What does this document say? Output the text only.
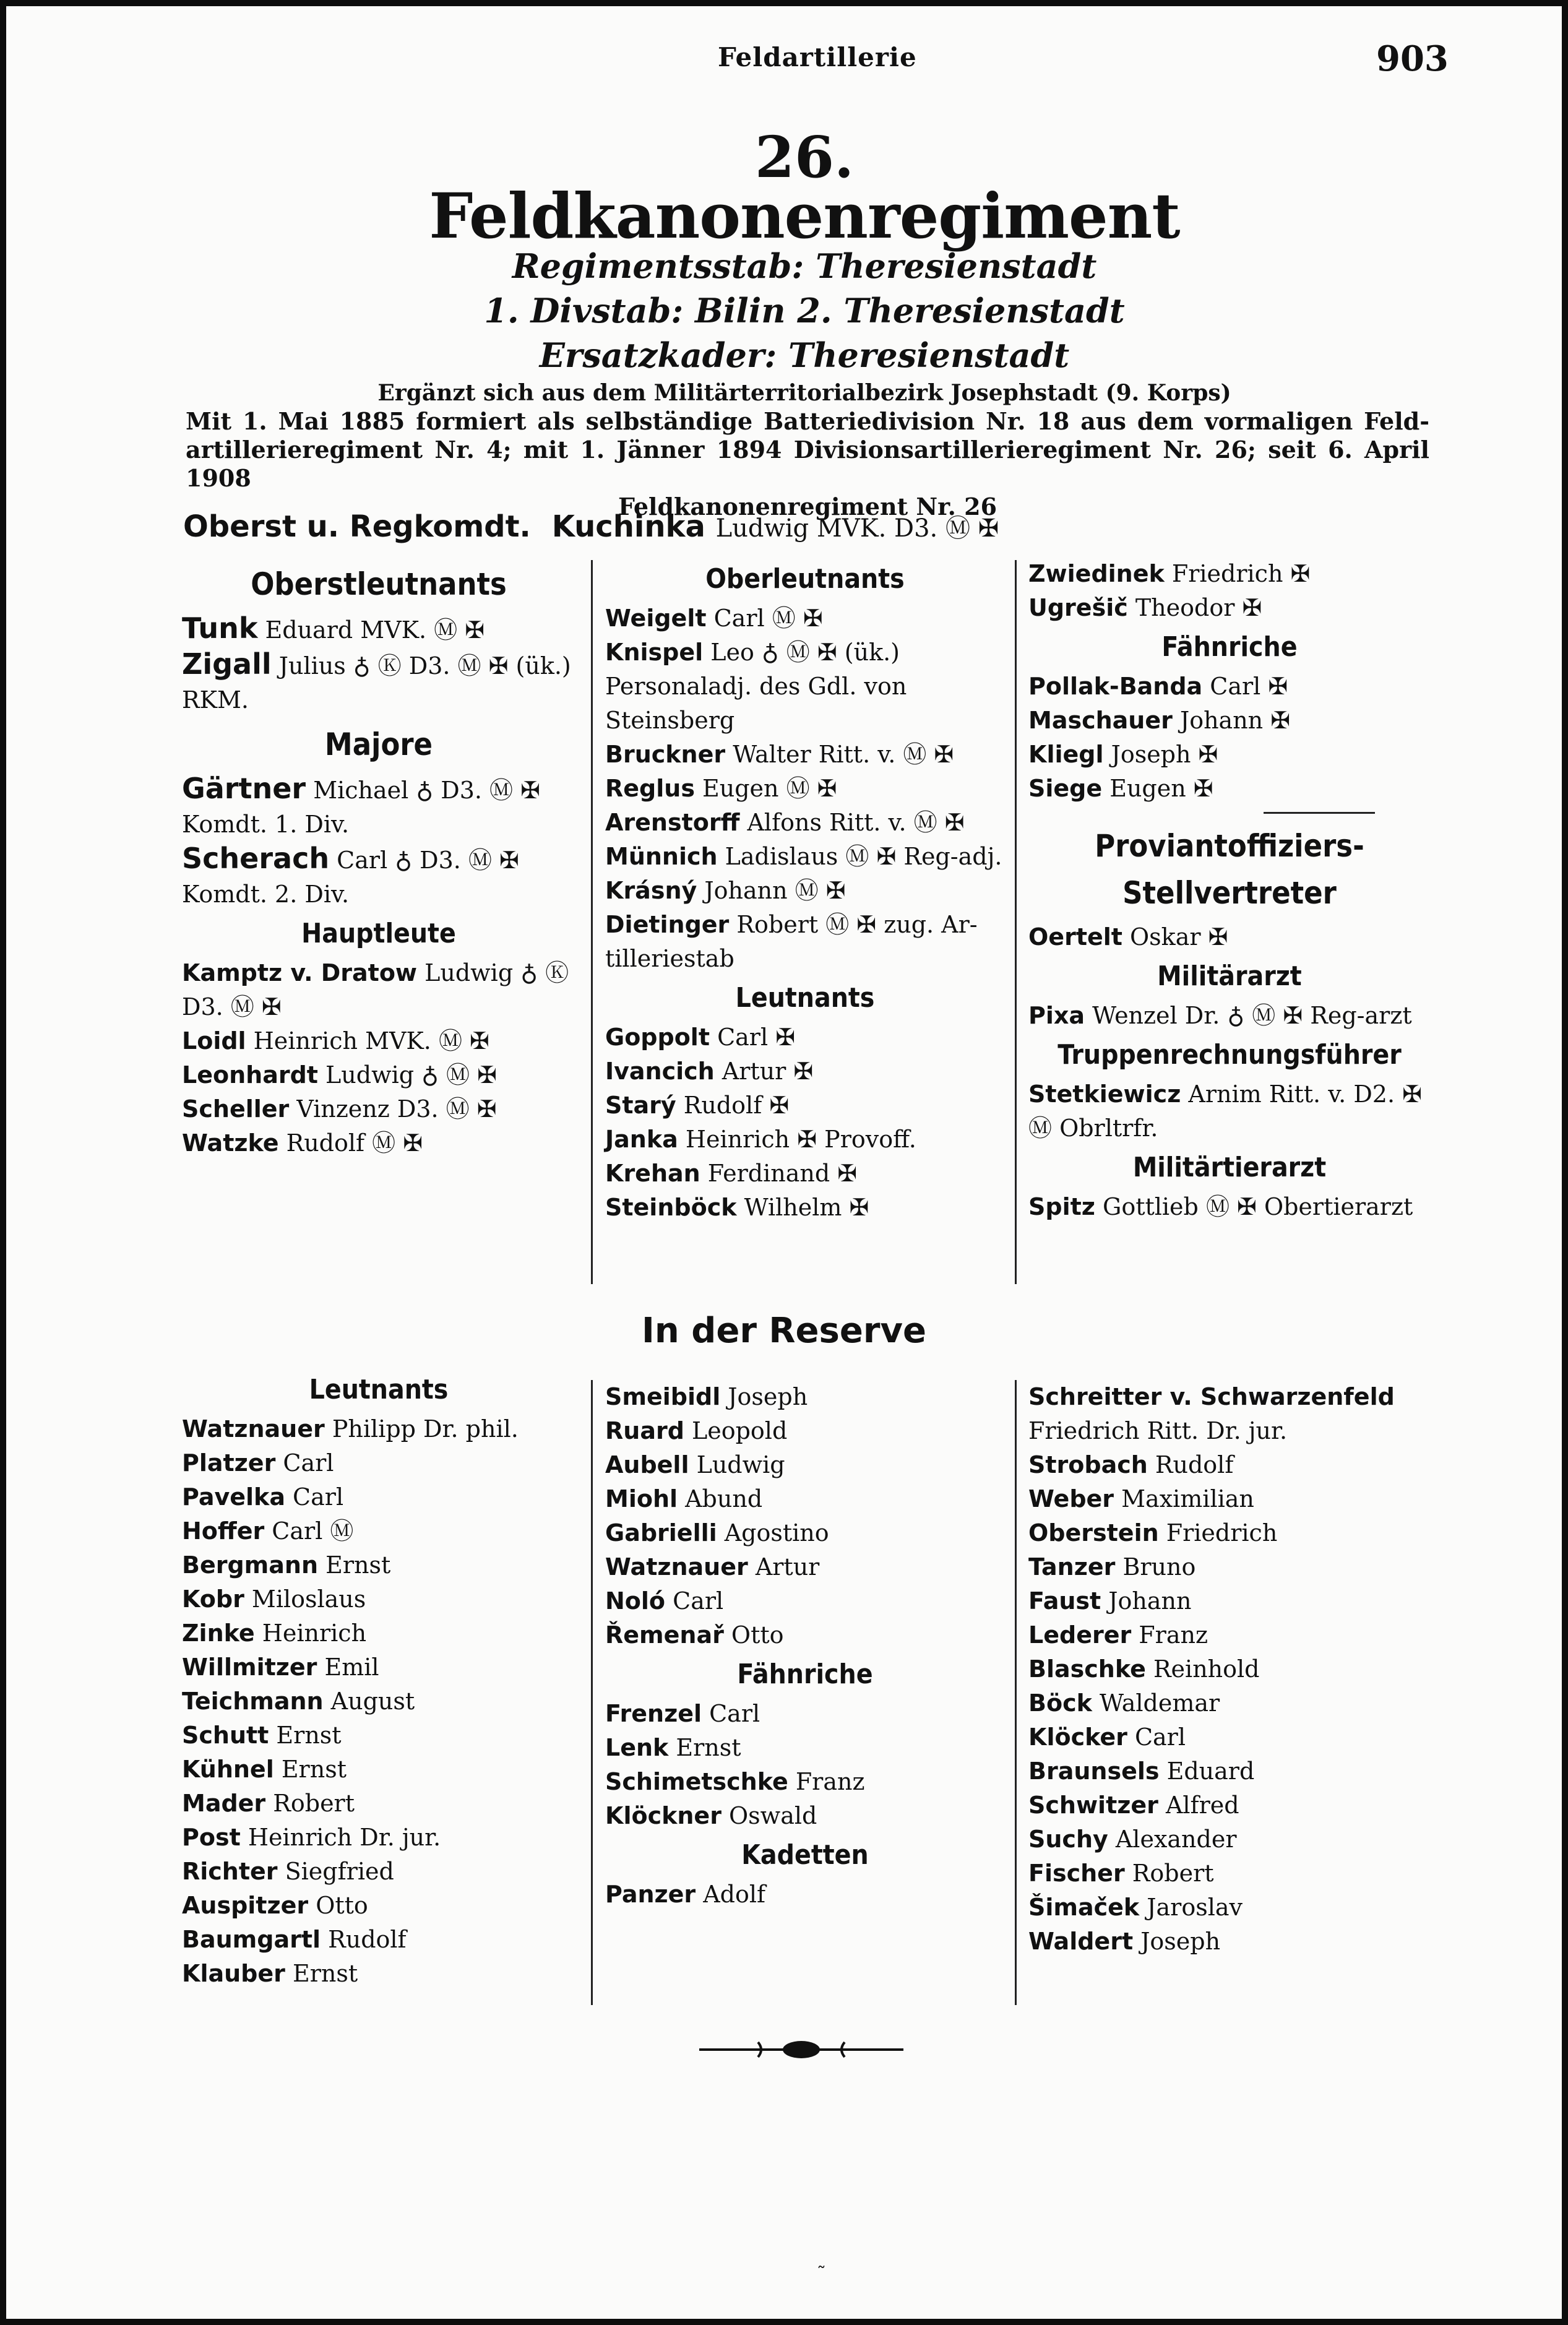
Feldartillerie	903
26.
Feldkanonenregiment
Regimentsstab: Theresienstadt
1. Divstab: Bilin 2. Theresienstadt
Ersatzkader: Theresienstadt
Ergänzt sich aus dem Militärterritorialbezirk Josephstadt (9. Korps)
Mit 1. Mai 1885 formiert als selbständige Batteriedivision Nr. 18 aus dem vormaligen Feld-artillerieregiment Nr. 4; mit 1. Jänner 1894 Divisionsartillerieregiment Nr. 26; seit 6. April 1908
Feldkanonenregiment Nr. 26
Oberst u. Regkomdt. Kuchinka Ludwig MVK. D3. Ⓜ ✠
Oberstleutnants
Tunk Eduard MVK. Ⓜ ✠
Zigall Julius ♁ Ⓚ D3. Ⓜ ✠ (ük.) RKM.
Majore
Gärtner Michael ♁ D3. Ⓜ ✠ Komdt. 1. Div.
Scherach Carl ♁ D3. Ⓜ ✠ Komdt. 2. Div.
Hauptleute
Kamptz v. Dratow Ludwig ♁ Ⓚ D3. Ⓜ ✠
Loidl Heinrich MVK. Ⓜ ✠
Leonhardt Ludwig ♁ Ⓜ ✠
Scheller Vinzenz D3. Ⓜ ✠
Watzke Rudolf Ⓜ ✠
Oberleutnants
Weigelt Carl Ⓜ ✠
Knispel Leo ♁ Ⓜ ✠ (ük.) Personaladj. des Gdl. von Steinsberg
Bruckner Walter Ritt. v. Ⓜ ✠
Reglus Eugen Ⓜ ✠
Arenstorff Alfons Ritt. v. Ⓜ ✠
Münnich Ladislaus Ⓜ ✠ Reg-adj.
Krásný Johann Ⓜ ✠
Dietinger Robert Ⓜ ✠ zug. Ar-tilleriestab
Leutnants
Goppolt Carl ✠
Ivancich Artur ✠
Starý Rudolf ✠
Janka Heinrich ✠ Provoff.
Krehan Ferdinand ✠
Steinböck Wilhelm ✠
Zwiedinek Friedrich ✠
Ugrešič Theodor ✠
Fähnriche
Pollak-Banda Carl ✠
Maschauer Johann ✠
Kliegl Joseph ✠
Siege Eugen ✠
Proviantoffiziers-Stellvertreter
Oertelt Oskar ✠
Militärarzt
Pixa Wenzel Dr. ♁ Ⓜ ✠ Reg-arzt
Truppenrechnungsführer
Stetkiewicz Arnim Ritt. v. D2. ✠ Ⓜ Obrltrfr.
Militärtierarzt
Spitz Gottlieb Ⓜ ✠ Obertierarzt
In der Reserve
Leutnants
Watznauer Philipp Dr. phil.
Platzer Carl
Pavelka Carl
Hoffer Carl Ⓜ
Bergmann Ernst
Kobr Miloslaus
Zinke Heinrich
Willmitzer Emil
Teichmann August
Schutt Ernst
Kühnel Ernst
Mader Robert
Post Heinrich Dr. jur.
Richter Siegfried
Auspitzer Otto
Baumgartl Rudolf
Klauber Ernst
Smeibidl Joseph
Ruard Leopold
Aubell Ludwig
Miohl Abund
Gabrielli Agostino
Watznauer Artur
Noló Carl
Řemenař Otto
Fähnriche
Frenzel Carl
Lenk Ernst
Schimetschke Franz
Klöckner Oswald
Kadetten
Panzer Adolf
Schreitter v. Schwarzenfeld Friedrich Ritt. Dr. jur.
Strobach Rudolf
Weber Maximilian
Oberstein Friedrich
Tanzer Bruno
Faust Johann
Lederer Franz
Blaschke Reinhold
Böck Waldemar
Klöcker Carl
Braunsels Eduard
Schwitzer Alfred
Suchy Alexander
Fischer Robert
Šimaček Jaroslav
Waldert Joseph
˷
